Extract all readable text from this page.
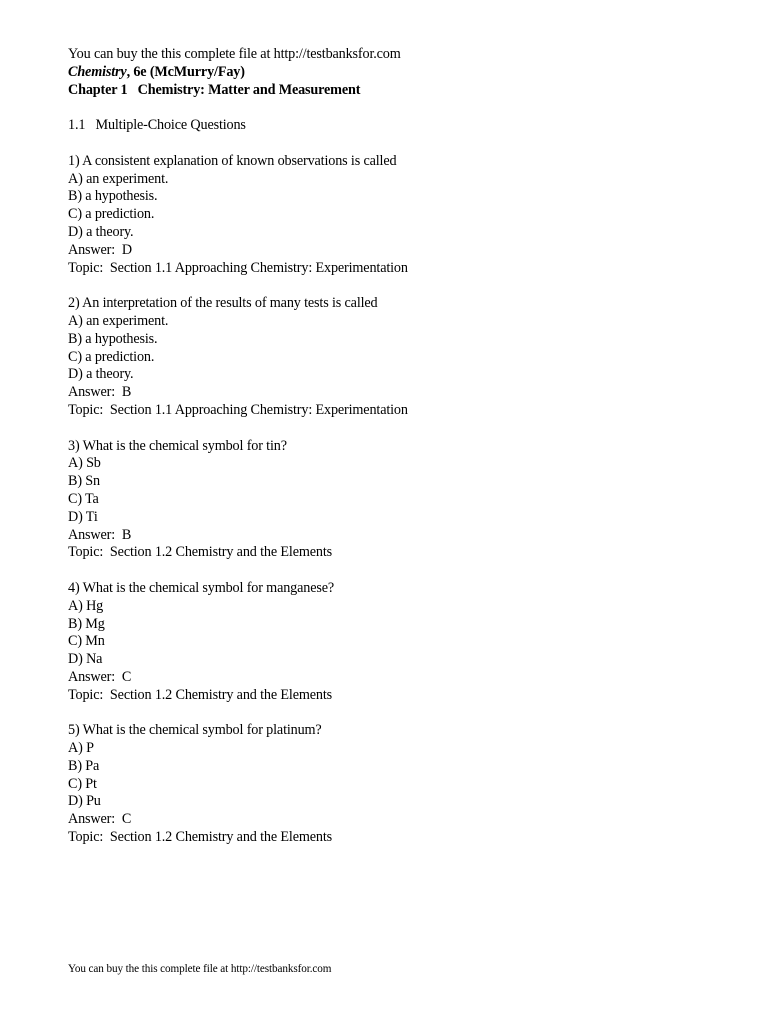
You can buy the this complete file at http://testbanksfor.com
Chemistry, 6e (McMurry/Fay)
Chapter 1   Chemistry: Matter and Measurement
1.1   Multiple-Choice Questions
1) A consistent explanation of known observations is called
A) an experiment.
B) a hypothesis.
C) a prediction.
D) a theory.
Answer:  D
Topic:  Section 1.1 Approaching Chemistry: Experimentation
2) An interpretation of the results of many tests is called
A) an experiment.
B) a hypothesis.
C) a prediction.
D) a theory.
Answer:  B
Topic:  Section 1.1 Approaching Chemistry: Experimentation
3) What is the chemical symbol for tin?
A) Sb
B) Sn
C) Ta
D) Ti
Answer:  B
Topic:  Section 1.2 Chemistry and the Elements
4) What is the chemical symbol for manganese?
A) Hg
B) Mg
C) Mn
D) Na
Answer:  C
Topic:  Section 1.2 Chemistry and the Elements
5) What is the chemical symbol for platinum?
A) P
B) Pa
C) Pt
D) Pu
Answer:  C
Topic:  Section 1.2 Chemistry and the Elements
You can buy the this complete file at http://testbanksfor.com
